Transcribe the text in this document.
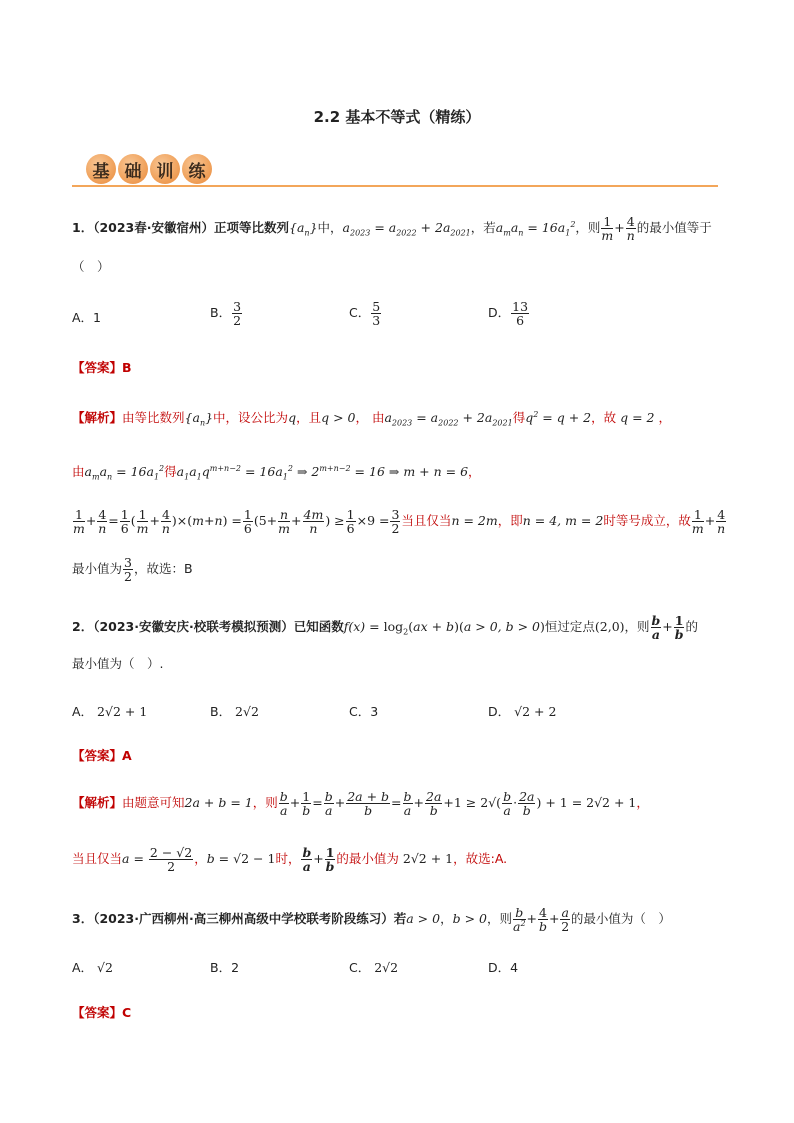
2.2 基本不等式（精练）
基 础 训 练
1．（2023春·安徽宿州）正项等比数列$\{a_n\}$中，$a_{2023} = a_{2022} + 2a_{2021}$，若$a_ma_n = 16a_1^2$，则 $\frac{1}{m} + \frac{4}{n}$ 的最小值等于
（　）
A．1	B． $\frac{3}{2}$	C． $\frac{5}{3}$	D． $\frac{13}{6}$
【答案】B
【解析】由等比数列$\{a_n\}$中，设公比为q，且q > 0， 由$a_{2023} = a_{2022} + 2a_{2021}$得$q^2 = q + 2$，故 q = 2 ，
由$a_ma_n = 16a_1^2$得$a_1a_1q^{m+n-2} = 16a_1^2$ ⇒ $2^{m+n-2} = 16$ ⇒ m + n = 6，
$\frac{1}{m} + \frac{4}{n} = \frac{1}{6}$ ( $\frac{1}{m} + \frac{4}{n} )\times(m+n) = \frac{1}{6} (5+ \frac{n}{m} + \frac{4m}{n}$ ) ≥ $\frac{1}{6} \times 9 = \frac{3}{2}$ 当且仅当n = 2m，即n = 4, m = 2时等号成立，故 $\frac{1}{m} + \frac{4}{n}$
最小值为 $\frac{3}{2}$ ，故选：B
2．（2023·安徽安庆·校联考模拟预测）已知函数$f(x) = \log_2(ax + b)(a > 0$, b > 0)恒过定点(2,0)，则 $\frac{b}{a} + \frac{1}{b}$ 的
最小值为（　）.
A． 2√2 + 1	B． 2√2	C．3	D． √2 + 2
【答案】A
【解析】由题意可知2a + b = 1，则 $\frac{b}{a} + \frac{1}{b} = \frac{b}{a} + \frac{2a + b}{b} = \frac{b}{a} + \frac{2a}{b} +1 \ge 2√( \frac{b}{a} \cdot \frac{2a}{b}$ ) + 1 = 2√2 + 1，
当且仅当$a = \frac{2 - √2}{2}$ ，b = √2 − 1时， $\frac{b}{a} + \frac{1}{b}$ 的最小值为 2√2 + 1，故选:A.
3．（2023·广西柳州·高三柳州高级中学校联考阶段练习）若a > 0，b > 0，则 $\frac{b}{a^2} + \frac{4}{b} + \frac{a}{2}$ 的最小值为（　）
A． √2	B．2	C． 2√2	D．4
【答案】C
